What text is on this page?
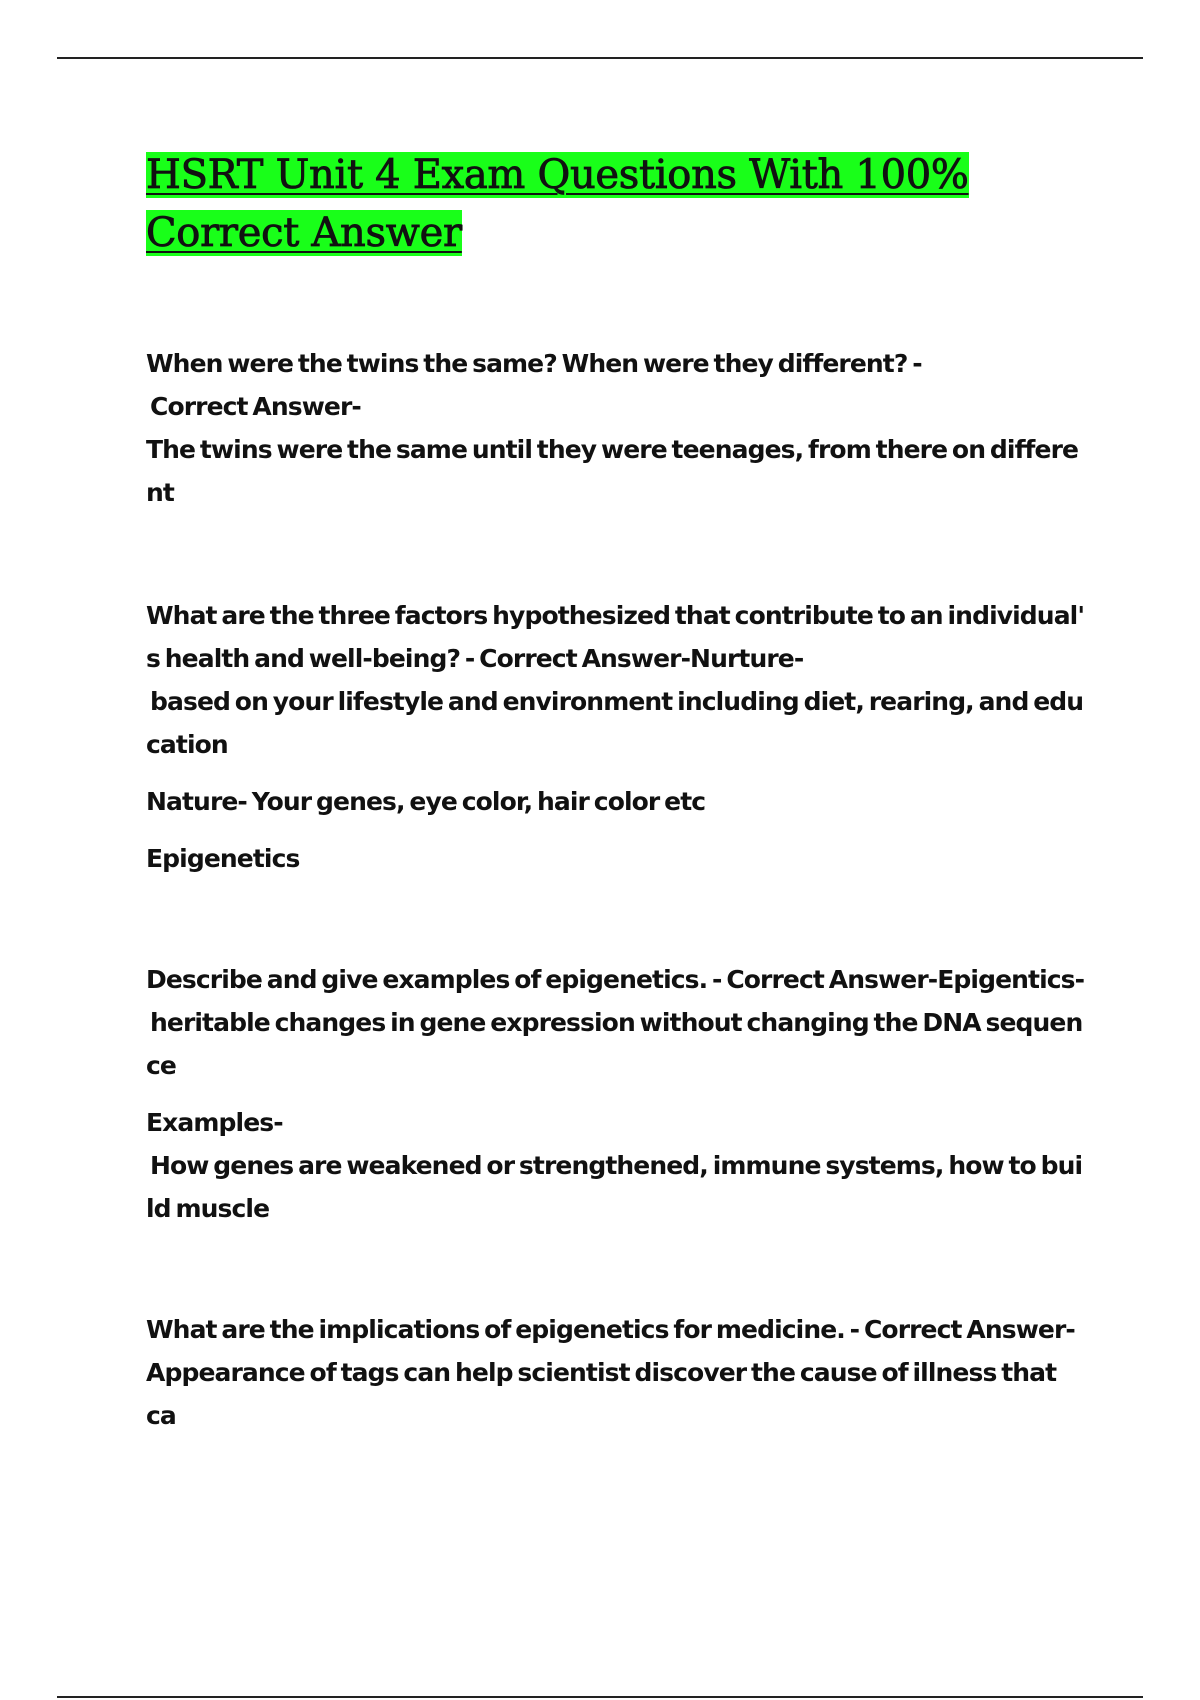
HSRT Unit 4 Exam Questions With 100%
Correct Answer

When were the twins the same? When were they different? -

Correct Answer-

The twins were the same until they were teenages, from there on differe

nt

What are the three factors hypothesized that contribute to an individual'

s health and well-being? - Correct Answer-Nurture-

based on your lifestyle and environment including diet, rearing, and edu

cation

Nature- Your genes, eye color, hair color etc

Epigenetics

Describe and give examples of epigenetics. - Correct Answer-Epigentics-

heritable changes in gene expression without changing the DNA sequen

ce

Examples-

How genes are weakened or strengthened, immune systems, how to bui

ld muscle

What are the implications of epigenetics for medicine. - Correct Answer-

Appearance of tags can help scientist discover the cause of illness that ca
